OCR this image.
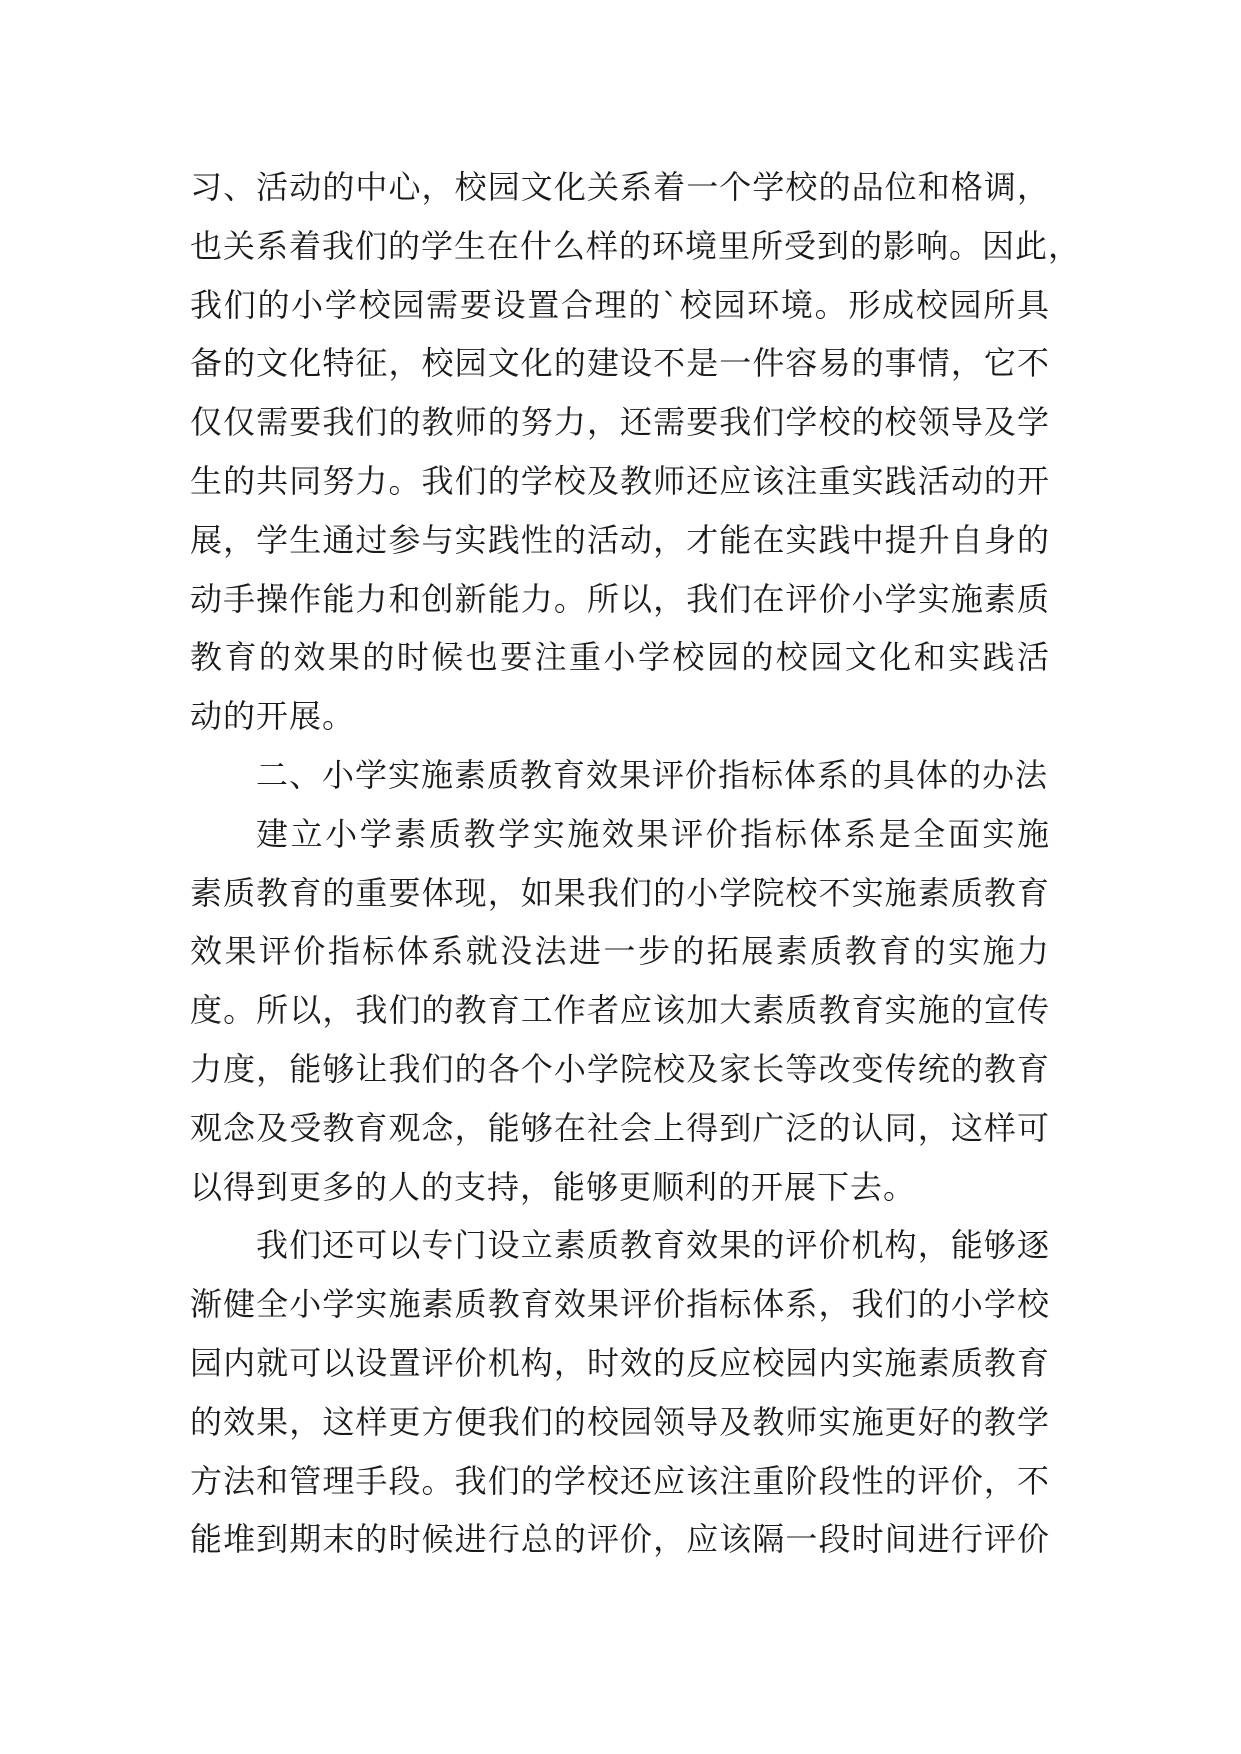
习、活动的中心，校园文化关系着一个学校的品位和格调，
也关系着我们的学生在什么样的环境里所受到的影响。因此，
我们的小学校园需要设置合理的`校园环境。形成校园所具
备的文化特征，校园文化的建设不是一件容易的事情，它不
仅仅需要我们的教师的努力，还需要我们学校的校领导及学
生的共同努力。我们的学校及教师还应该注重实践活动的开
展，学生通过参与实践性的活动，才能在实践中提升自身的
动手操作能力和创新能力。所以，我们在评价小学实施素质
教育的效果的时候也要注重小学校园的校园文化和实践活
动的开展。
二、小学实施素质教育效果评价指标体系的具体的办法
建立小学素质教学实施效果评价指标体系是全面实施
素质教育的重要体现，如果我们的小学院校不实施素质教育
效果评价指标体系就没法进一步的拓展素质教育的实施力
度。所以，我们的教育工作者应该加大素质教育实施的宣传
力度，能够让我们的各个小学院校及家长等改变传统的教育
观念及受教育观念，能够在社会上得到广泛的认同，这样可
以得到更多的人的支持，能够更顺利的开展下去。
我们还可以专门设立素质教育效果的评价机构，能够逐
渐健全小学实施素质教育效果评价指标体系，我们的小学校
园内就可以设置评价机构，时效的反应校园内实施素质教育
的效果，这样更方便我们的校园领导及教师实施更好的教学
方法和管理手段。我们的学校还应该注重阶段性的评价，不
能堆到期末的时候进行总的评价，应该隔一段时间进行评价
